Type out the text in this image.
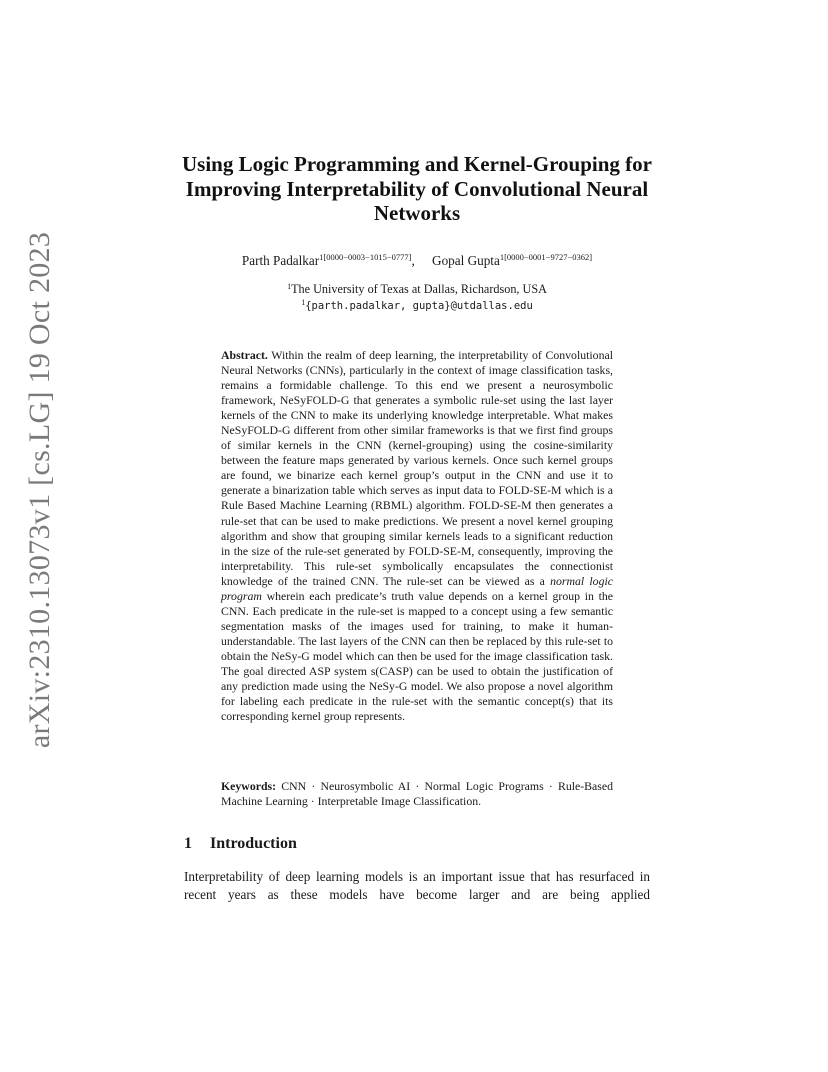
arXiv:2310.13073v1 [cs.LG] 19 Oct 2023
Using Logic Programming and Kernel-Grouping for Improving Interpretability of Convolutional Neural Networks
Parth Padalkar$^{1[0000-0003-1015-0777]}$, Gopal Gupta$^{1[0000-0001-9727-0362]}$
$^1$The University of Texas at Dallas, Richardson, USA
$^1${parth.padalkar, gupta}@utdallas.edu

Abstract. Within the realm of deep learning, the interpretability of Convolutional Neural Networks (CNNs), particularly in the context of image classification tasks, remains a formidable challenge. To this end we present a neurosymbolic framework, NeSyFOLD-G that generates a symbolic rule-set using the last layer kernels of the CNN to make its underlying knowledge interpretable. What makes NeSyFOLD-G different from other similar frameworks is that we first find groups of similar kernels in the CNN (kernel-grouping) using the cosine-similarity between the feature maps generated by various kernels. Once such kernel groups are found, we binarize each kernel group’s output in the CNN and use it to generate a binarization table which serves as input data to FOLD-SE-M which is a Rule Based Machine Learning (RBML) algorithm. FOLD-SE-M then generates a rule-set that can be used to make predictions. We present a novel kernel grouping algorithm and show that grouping similar kernels leads to a significant reduction in the size of the rule-set generated by FOLD-SE-M, consequently, improving the interpretability. This rule-set symbolically encapsulates the connectionist knowledge of the trained CNN. The rule-set can be viewed as a normal logic program wherein each predicate’s truth value depends on a kernel group in the CNN. Each predicate in the rule-set is mapped to a concept using a few semantic segmentation masks of the images used for training, to make it human-understandable. The last layers of the CNN can then be replaced by this rule-set to obtain the NeSy-G model which can then be used for the image classification task. The goal directed ASP system s(CASP) can be used to obtain the justification of any prediction made using the NeSy-G model. We also propose a novel algorithm for labeling each predicate in the rule-set with the semantic concept(s) that its corresponding kernel group represents.

Keywords: CNN · Neurosymbolic AI · Normal Logic Programs · Rule-Based Machine Learning · Interpretable Image Classification.

1 Introduction

Interpretability of deep learning models is an important issue that has resurfaced in recent years as these models have become larger and are being applied
